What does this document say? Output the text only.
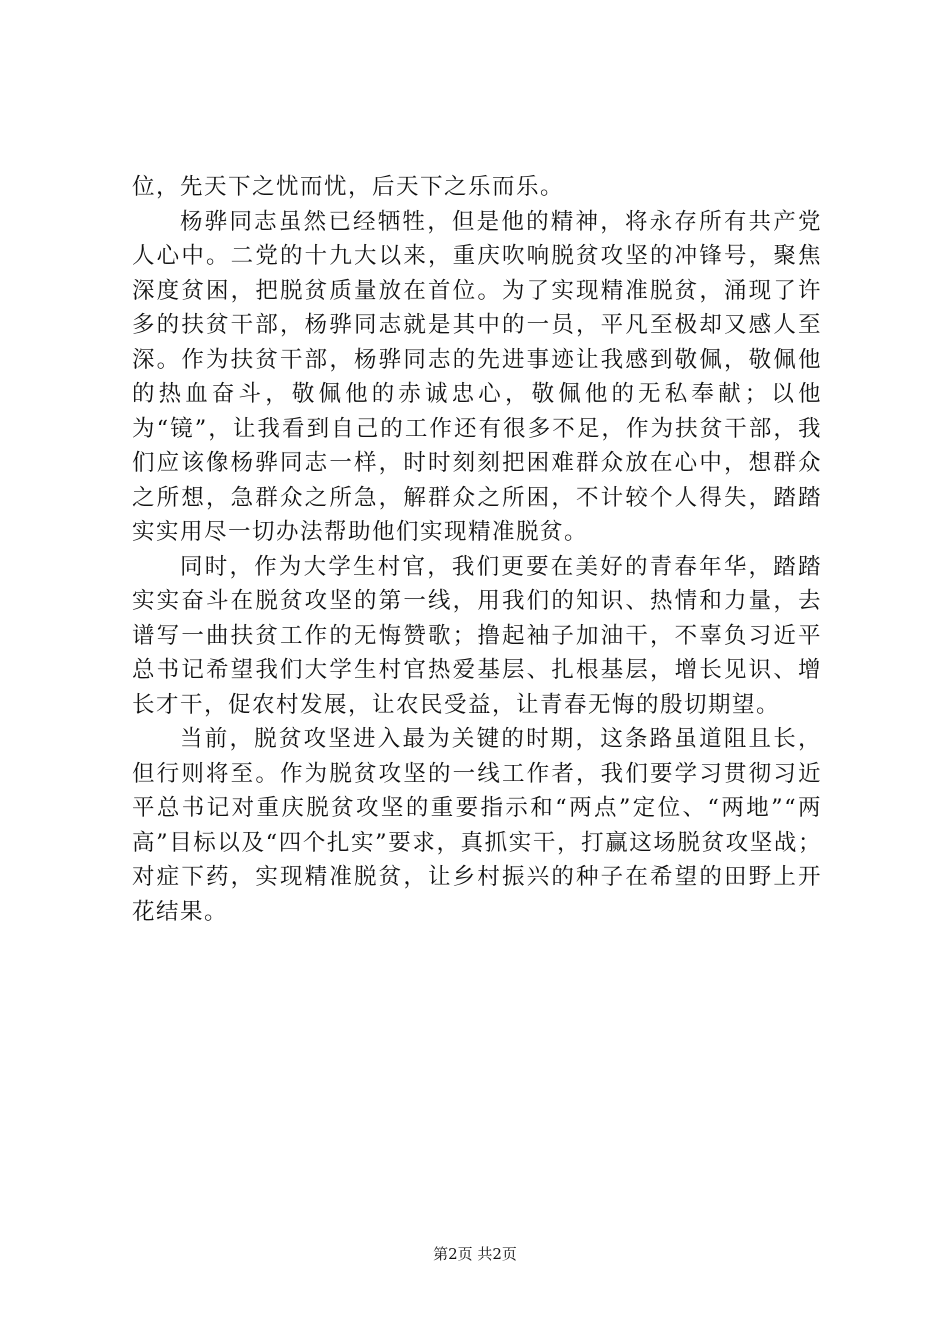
位，先天下之忧而忧，后天下之乐而乐。

杨骅同志虽然已经牺牲，但是他的精神，将永存所有共产党人心中。二党的十九大以来，重庆吹响脱贫攻坚的冲锋号，聚焦深度贫困，把脱贫质量放在首位。为了实现精准脱贫，涌现了许多的扶贫干部，杨骅同志就是其中的一员，平凡至极却又感人至深。作为扶贫干部，杨骅同志的先进事迹让我感到敬佩，敬佩他的热血奋斗，敬佩他的赤诚忠心，敬佩他的无私奉献；以他为“镜”，让我看到自己的工作还有很多不足，作为扶贫干部，我们应该像杨骅同志一样，时时刻刻把困难群众放在心中，想群众之所想，急群众之所急，解群众之所困，不计较个人得失，踏踏实实用尽一切办法帮助他们实现精准脱贫。

同时，作为大学生村官，我们更要在美好的青春年华，踏踏实实奋斗在脱贫攻坚的第一线，用我们的知识、热情和力量，去谱写一曲扶贫工作的无悔赞歌；撸起袖子加油干，不辜负习近平总书记希望我们大学生村官热爱基层、扎根基层，增长见识、增长才干，促农村发展，让农民受益，让青春无悔的殷切期望。

当前，脱贫攻坚进入最为关键的时期，这条路虽道阻且长，但行则将至。作为脱贫攻坚的一线工作者，我们要学习贯彻习近平总书记对重庆脱贫攻坚的重要指示和“两点”定位、“两地”“两高”目标以及“四个扎实”要求，真抓实干，打赢这场脱贫攻坚战；对症下药，实现精准脱贫，让乡村振兴的种子在希望的田野上开花结果。

第2页 共2页
